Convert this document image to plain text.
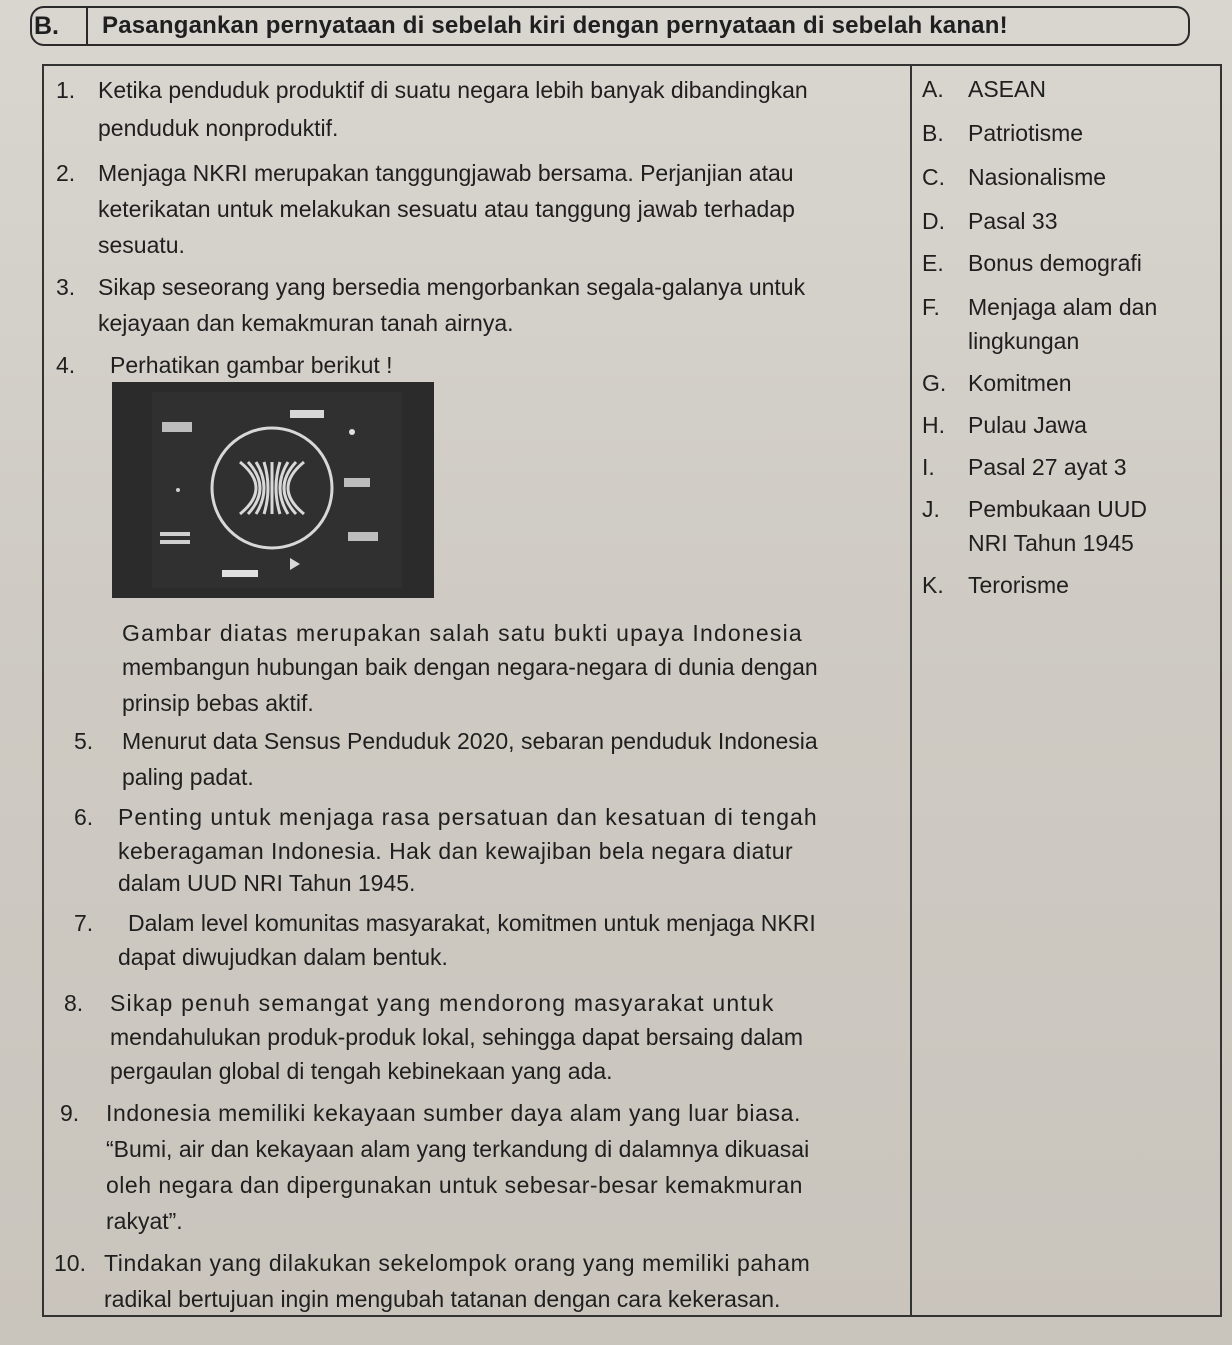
B. Pasangankan pernyataan di sebelah kiri dengan pernyataan di sebelah kanan!
1. Ketika penduduk produktif di suatu negara lebih banyak dibandingkan
penduduk nonproduktif.
2. Menjaga NKRI merupakan tanggungjawab bersama. Perjanjian atau
keterikatan untuk melakukan sesuatu atau tanggung jawab terhadap
sesuatu.
3. Sikap seseorang yang bersedia mengorbankan segala-galanya untuk
kejayaan dan kemakmuran tanah airnya.
4. Perhatikan gambar berikut !
Gambar diatas merupakan salah satu bukti upaya Indonesia
membangun hubungan baik dengan negara-negara di dunia dengan
prinsip bebas aktif.
5. Menurut data Sensus Penduduk 2020, sebaran penduduk Indonesia
paling padat.
6. Penting untuk menjaga rasa persatuan dan kesatuan di tengah
keberagaman Indonesia. Hak dan kewajiban bela negara diatur
dalam UUD NRI Tahun 1945.
7. Dalam level komunitas masyarakat, komitmen untuk menjaga NKRI
dapat diwujudkan dalam bentuk.
8. Sikap penuh semangat yang mendorong masyarakat untuk
mendahulukan produk-produk lokal, sehingga dapat bersaing dalam
pergaulan global di tengah kebinekaan yang ada.
9. Indonesia memiliki kekayaan sumber daya alam yang luar biasa.
“Bumi, air dan kekayaan alam yang terkandung di dalamnya dikuasai
oleh negara dan dipergunakan untuk sebesar-besar kemakmuran
rakyat”.
10. Tindakan yang dilakukan sekelompok orang yang memiliki paham
radikal bertujuan ingin mengubah tatanan dengan cara kekerasan.
A. ASEAN
B. Patriotisme
C. Nasionalisme
D. Pasal 33
E. Bonus demografi
F. Menjaga alam dan
lingkungan
G. Komitmen
H. Pulau Jawa
I. Pasal 27 ayat 3
J. Pembukaan UUD
NRI Tahun 1945
K. Terorisme
